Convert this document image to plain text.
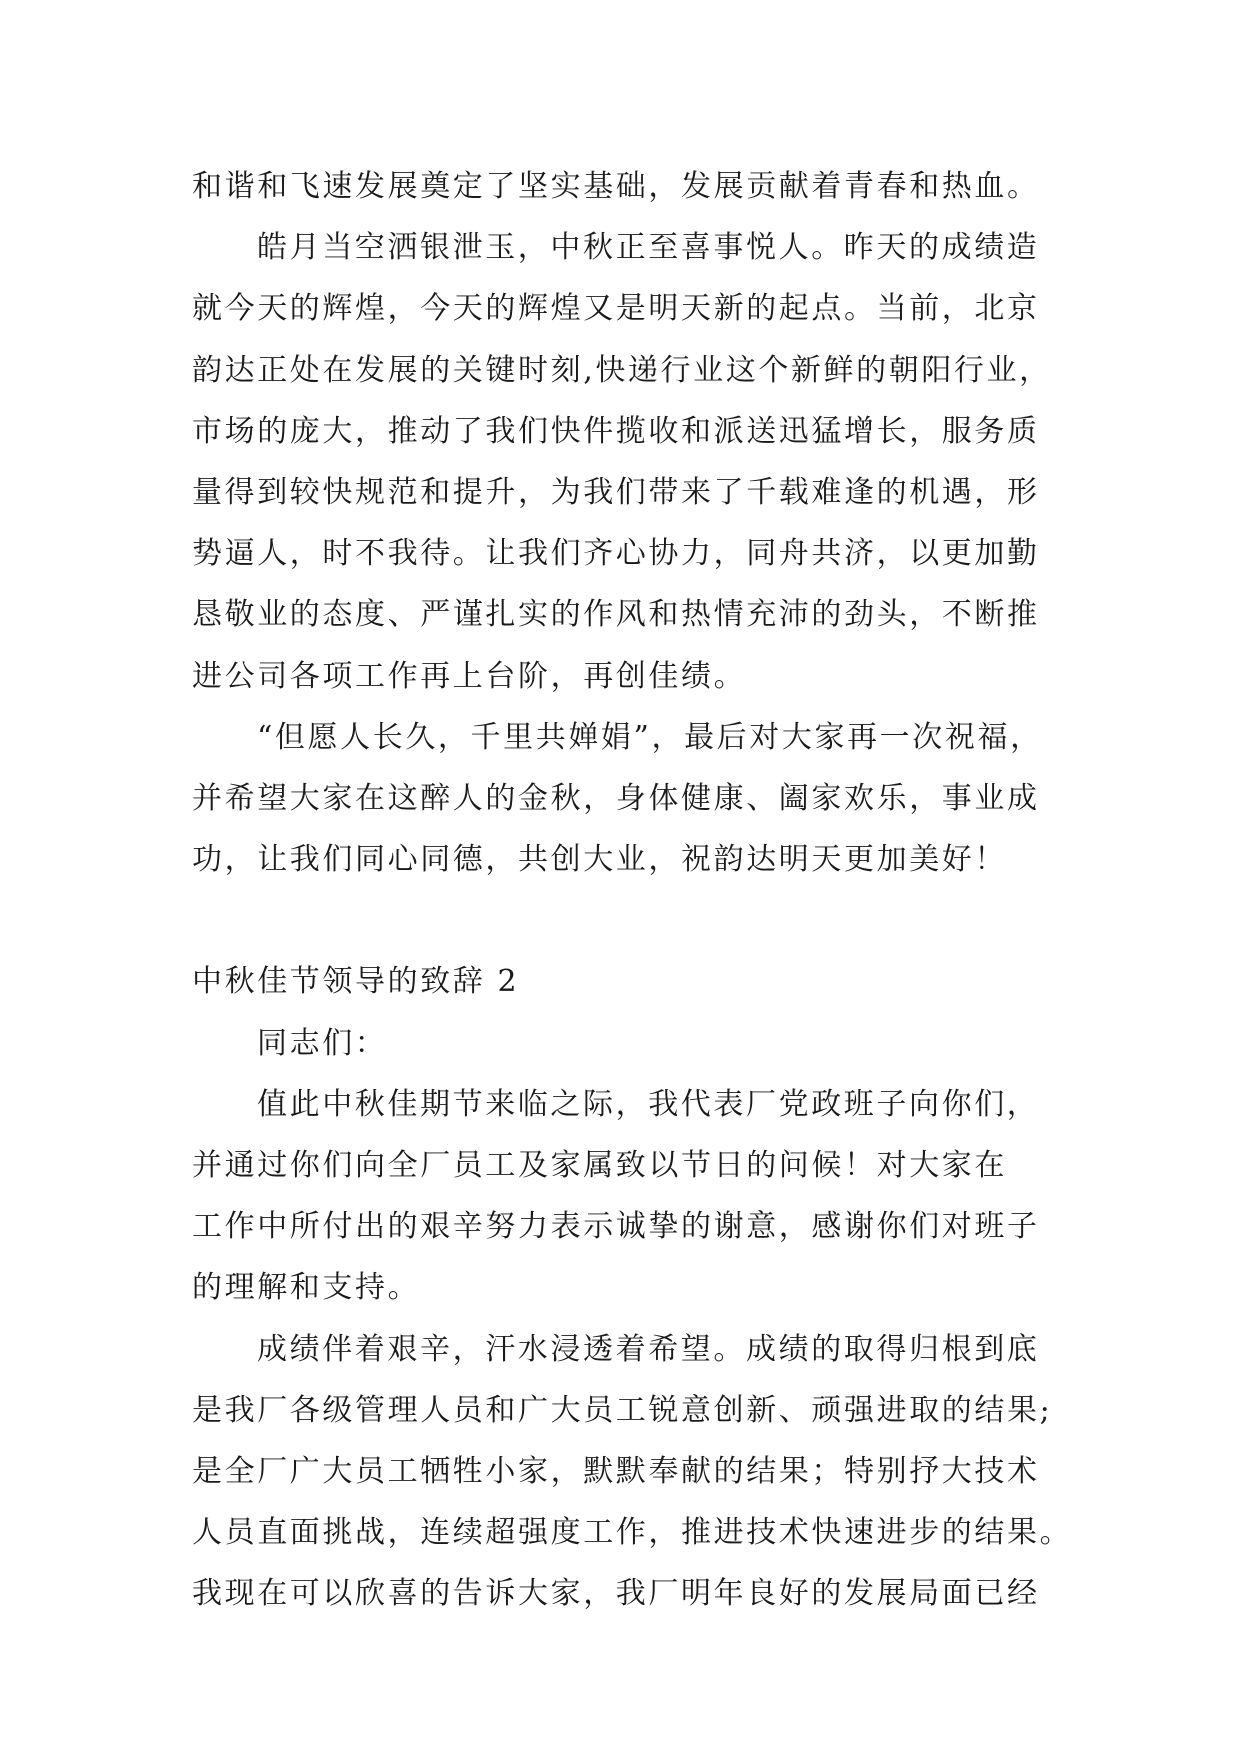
和谐和飞速发展奠定了坚实基础，发展贡献着青春和热血。

皓月当空洒银泄玉，中秋正至喜事悦人。昨天的成绩造
就今天的辉煌，今天的辉煌又是明天新的起点。当前，北京
韵达正处在发展的关键时刻,快递行业这个新鲜的朝阳行业，
市场的庞大，推动了我们快件揽收和派送迅猛增长，服务质
量得到较快规范和提升，为我们带来了千载难逢的机遇，形
势逼人，时不我待。让我们齐心协力，同舟共济，以更加勤
恳敬业的态度、严谨扎实的作风和热情充沛的劲头，不断推
进公司各项工作再上台阶，再创佳绩。

“但愿人长久，千里共婵娟”，最后对大家再一次祝福，
并希望大家在这醉人的金秋，身体健康、阖家欢乐，事业成
功，让我们同心同德，共创大业，祝韵达明天更加美好！

中秋佳节领导的致辞 2

同志们：

值此中秋佳期节来临之际，我代表厂党政班子向你们，
并通过你们向全厂员工及家属致以节日的问候！对大家在
工作中所付出的艰辛努力表示诚挚的谢意，感谢你们对班子
的理解和支持。

成绩伴着艰辛，汗水浸透着希望。成绩的取得归根到底
是我厂各级管理人员和广大员工锐意创新、顽强进取的结果;
是全厂广大员工牺牲小家，默默奉献的结果；特别抒大技术
人员直面挑战，连续超强度工作，推进技术快速进步的结果。
我现在可以欣喜的告诉大家，我厂明年良好的发展局面已经
